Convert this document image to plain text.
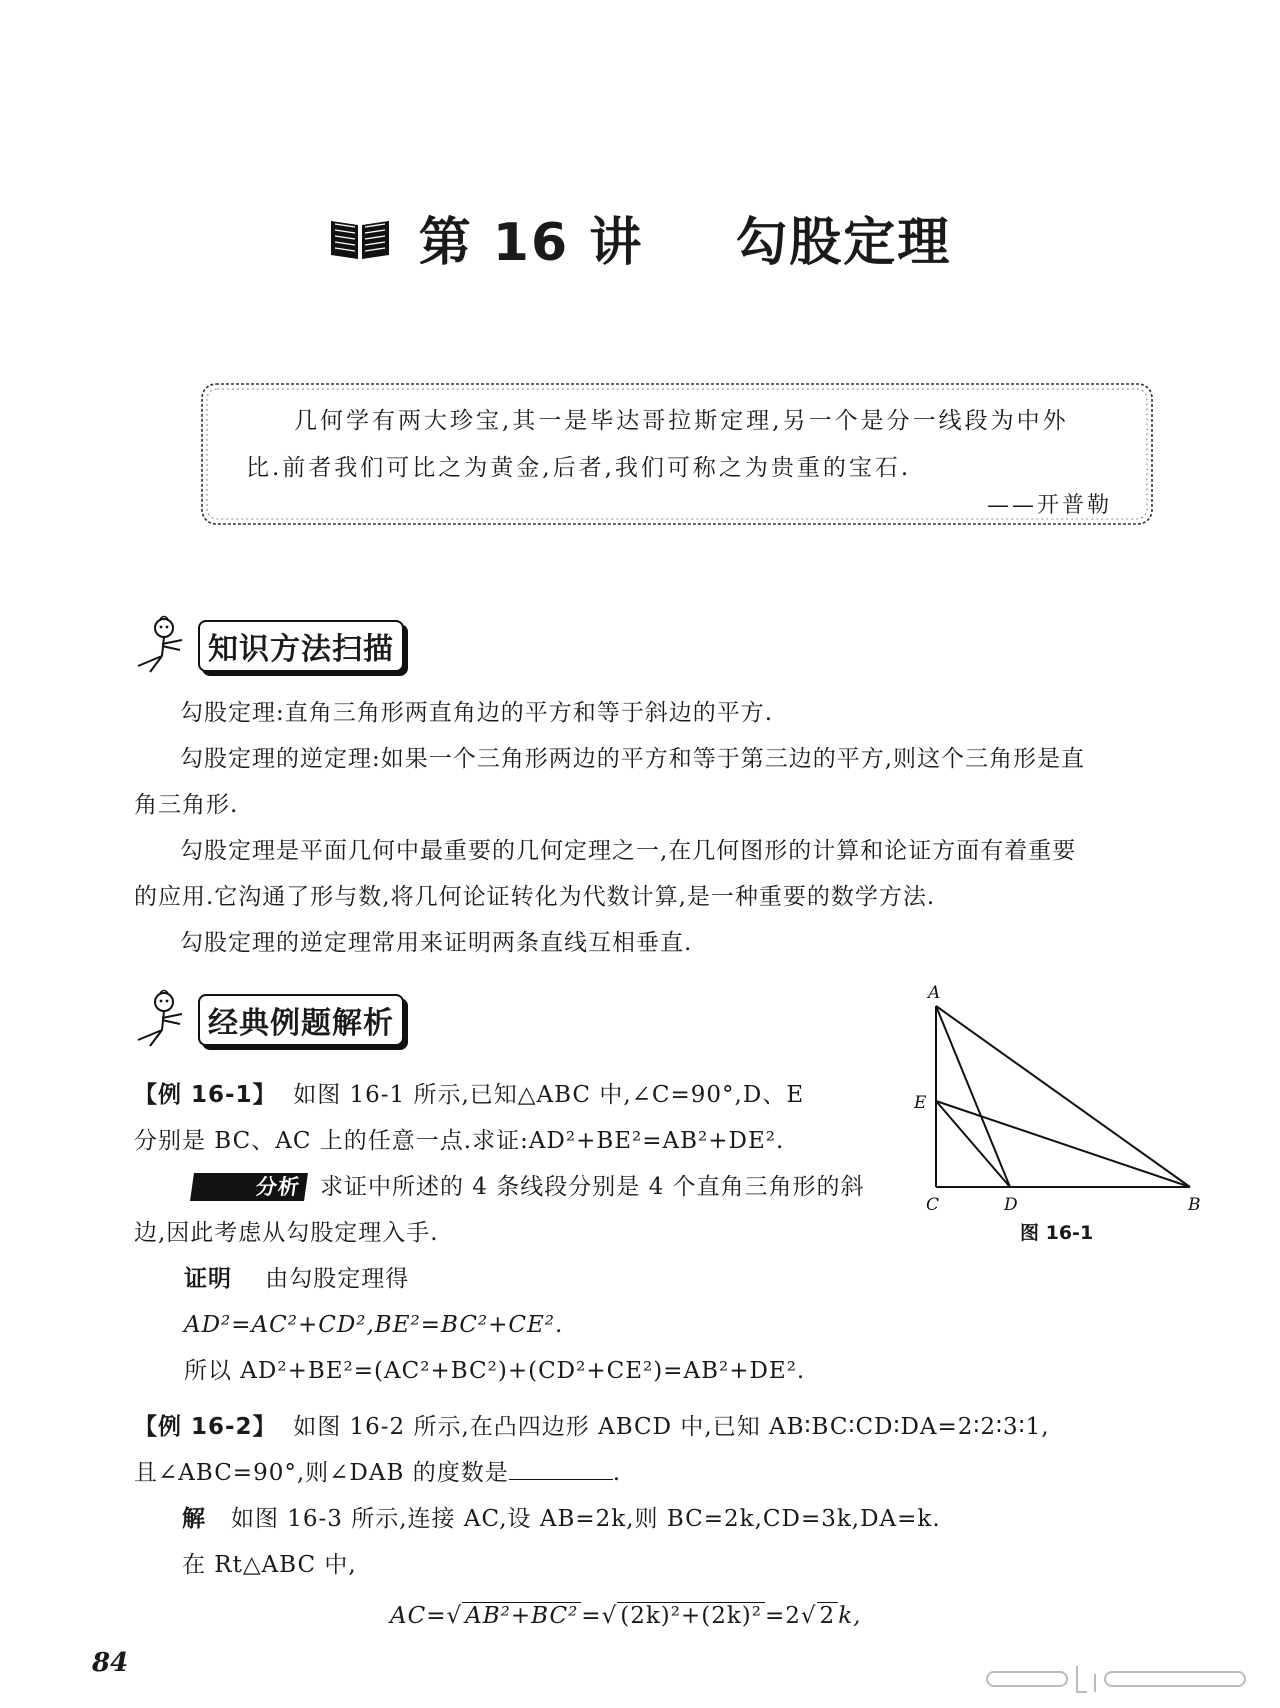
第 16 讲 勾股定理

几何学有两大珍宝,其一是毕达哥拉斯定理,另一个是分一线段为中外

比.前者我们可比之为黄金,后者,我们可称之为贵重的宝石.

——开普勒
知识方法扫描

勾股定理:直角三角形两直角边的平方和等于斜边的平方.

勾股定理的逆定理:如果一个三角形两边的平方和等于第三边的平方,则这个三角形是直

角三角形.

勾股定理是平面几何中最重要的几何定理之一,在几何图形的计算和论证方面有着重要

的应用.它沟通了形与数,将几何论证转化为代数计算,是一种重要的数学方法.

勾股定理的逆定理常用来证明两条直线互相垂直.

经典例题解析
A
E
C	D	B
图 16-1

【例 16-1】 如图 16-1 所示,已知△ABC 中,∠C=90°,D、E

分别是 BC、AC 上的任意一点.求证:AD²+BE²=AB²+DE².

分析 求证中所述的 4 条线段分别是 4 个直角三角形的斜

边,因此考虑从勾股定理入手.

证明 由勾股定理得

AD²=AC²+CD²,BE²=BC²+CE².

所以 AD²+BE²=(AC²+BC²)+(CD²+CE²)=AB²+DE².

【例 16-2】 如图 16-2 所示,在凸四边形 ABCD 中,已知 AB∶BC∶CD∶DA=2∶2∶3∶1,

且∠ABC=90°,则∠DAB 的度数是	.

解 如图 16-3 所示,连接 AC,设 AB=2k,则 BC=2k,CD=3k,DA=k.

在 Rt△ABC 中,

AC=√ AB²+BC² =√ (2k)²+(2k)² =2√ 2 k,
84
